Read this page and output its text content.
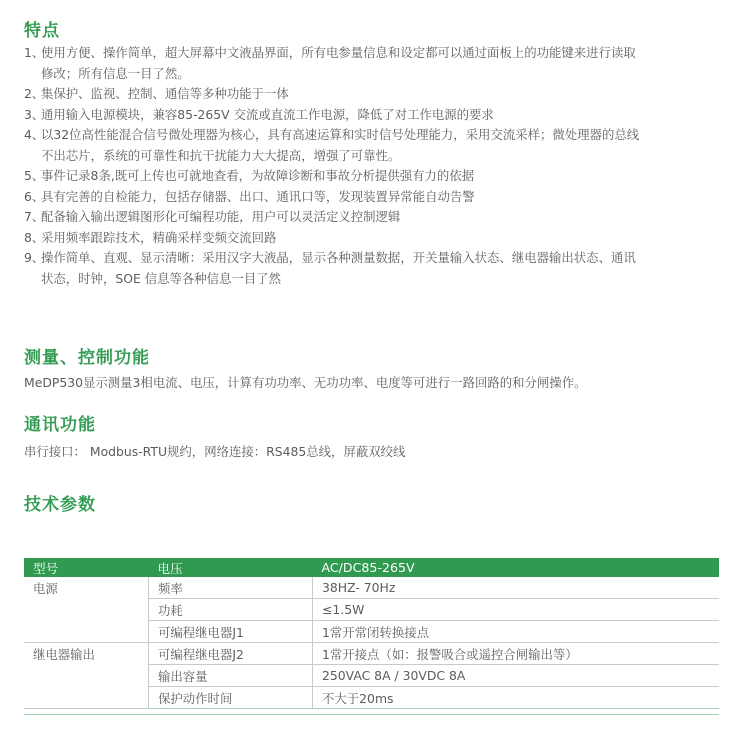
特点
1、使用方便、操作简单，超大屏幕中文液晶界面，所有电参量信息和设定都可以通过面板上的功能键来进行读取
修改；所有信息一目了然。
2、集保护、监视、控制、通信等多种功能于一体
3、通用输入电源模块，兼容85-265V 交流或直流工作电源，降低了对工作电源的要求
4、以32位高性能混合信号微处理器为核心，具有高速运算和实时信号处理能力，采用交流采样；微处理器的总线
不出芯片，系统的可靠性和抗干扰能力大大提高，增强了可靠性。
5、事件记录8条,既可上传也可就地查看，为故障诊断和事故分析提供强有力的依据
6、具有完善的自检能力，包括存储器、出口、通讯口等，发现装置异常能自动告警
7、配备输入输出逻辑图形化可编程功能，用户可以灵活定义控制逻辑
8、采用频率跟踪技术，精确采样变频交流回路
9、操作简单、直观、显示清晰：采用汉字大液晶，显示各种测量数据，开关量输入状态、继电器输出状态、通讯
状态，时钟，SOE 信息等各种信息一目了然
测量、控制功能

MeDP530显示测量3相电流、电压，计算有功功率、无功功率、电度等可进行一路回路的和分闸操作。

通讯功能

串行接口： Modbus-RTU规约，网络连接：RS485总线，屏蔽双绞线

技术参数
型号	电压	AC/DC85-265V
电源	频率	38HZ- 70Hz
	功耗	≤1.5W
	可编程继电器J1	1常开常闭转换接点
继电器输出	可编程继电器J2	1常开接点（如：报警吸合或遥控合闸输出等）
	输出容量	250VAC 8A / 30VDC 8A
	保护动作时间	不大于20ms
